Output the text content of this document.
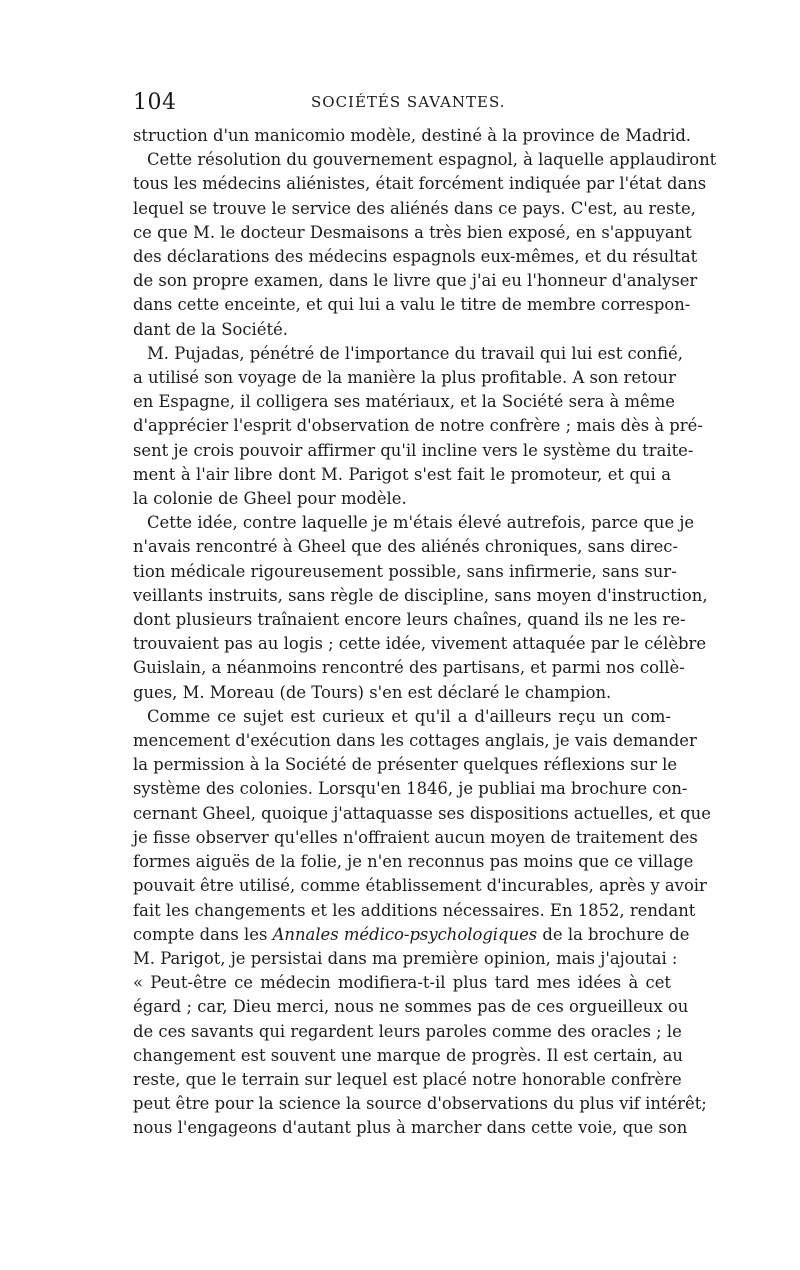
104	SOCIÉTÉS SAVANTES.
struction d'un manicomio modèle, destiné à la province de Madrid.
Cette résolution du gouvernement espagnol, à laquelle applaudiront
tous les médecins aliénistes, était forcément indiquée par l'état dans
lequel se trouve le service des aliénés dans ce pays. C'est, au reste,
ce que M. le docteur Desmaisons a très bien exposé, en s'appuyant
des déclarations des médecins espagnols eux-mêmes, et du résultat
de son propre examen, dans le livre que j'ai eu l'honneur d'analyser
dans cette enceinte, et qui lui a valu le titre de membre correspon-
dant de la Société.
M. Pujadas, pénétré de l'importance du travail qui lui est confié,
a utilisé son voyage de la manière la plus profitable. A son retour
en Espagne, il colligera ses matériaux, et la Société sera à même
d'apprécier l'esprit d'observation de notre confrère ; mais dès à pré-
sent je crois pouvoir affirmer qu'il incline vers le système du traite-
ment à l'air libre dont M. Parigot s'est fait le promoteur, et qui a
la colonie de Gheel pour modèle.
Cette idée, contre laquelle je m'étais élevé autrefois, parce que je
n'avais rencontré à Gheel que des aliénés chroniques, sans direc-
tion médicale rigoureusement possible, sans infirmerie, sans sur-
veillants instruits, sans règle de discipline, sans moyen d'instruction,
dont plusieurs traînaient encore leurs chaînes, quand ils ne les re-
trouvaient pas au logis ; cette idée, vivement attaquée par le célèbre
Guislain, a néanmoins rencontré des partisans, et parmi nos collè-
gues, M. Moreau (de Tours) s'en est déclaré le champion.
Comme ce sujet est curieux et qu'il a d'ailleurs reçu un com-
mencement d'exécution dans les cottages anglais, je vais demander
la permission à la Société de présenter quelques réflexions sur le
système des colonies. Lorsqu'en 1846, je publiai ma brochure con-
cernant Gheel, quoique j'attaquasse ses dispositions actuelles, et que
je fisse observer qu'elles n'offraient aucun moyen de traitement des
formes aiguës de la folie, je n'en reconnus pas moins que ce village
pouvait être utilisé, comme établissement d'incurables, après y avoir
fait les changements et les additions nécessaires. En 1852, rendant
compte dans les Annales médico-psychologiques de la brochure de
M. Parigot, je persistai dans ma première opinion, mais j'ajoutai :
« Peut-être ce médecin modifiera-t-il plus tard mes idées à cet
égard ; car, Dieu merci, nous ne sommes pas de ces orgueilleux ou
de ces savants qui regardent leurs paroles comme des oracles ; le
changement est souvent une marque de progrès. Il est certain, au
reste, que le terrain sur lequel est placé notre honorable confrère
peut être pour la science la source d'observations du plus vif intérêt;
nous l'engageons d'autant plus à marcher dans cette voie, que son
